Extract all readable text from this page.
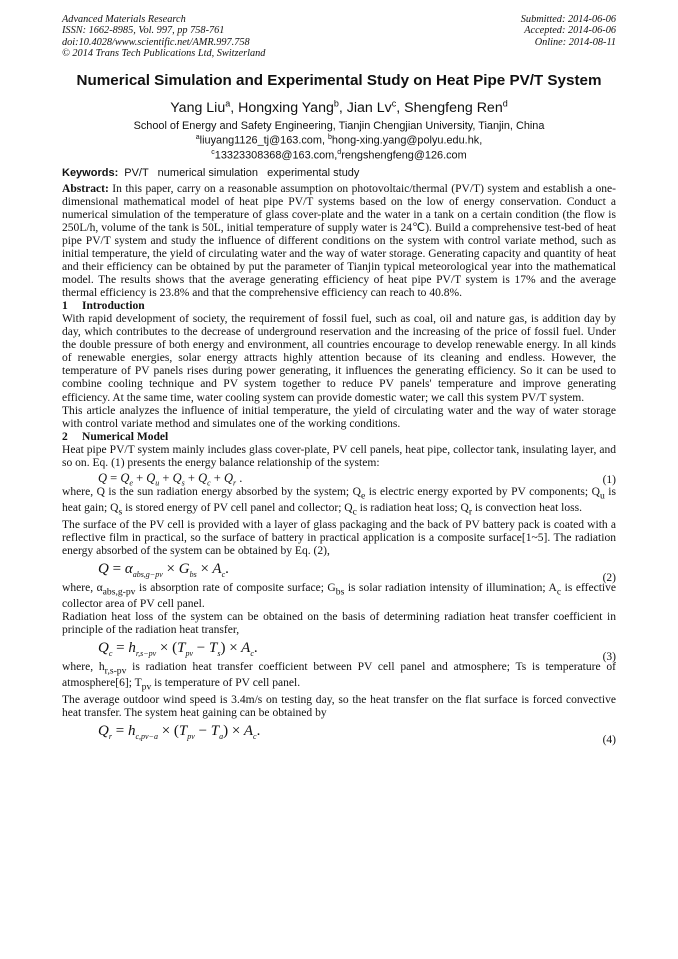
Advanced Materials Research
ISSN: 1662-8985, Vol. 997, pp 758-761
doi:10.4028/www.scientific.net/AMR.997.758
© 2014 Trans Tech Publications Ltd, Switzerland
Submitted: 2014-06-06
Accepted: 2014-06-06
Online: 2014-08-11
Numerical Simulation and Experimental Study on Heat Pipe PV/T System
Yang Liu$^a$, Hongxing Yang$^b$, Jian Lv$^c$, Shengfeng Ren$^d$
School of Energy and Safety Engineering, Tianjin Chengjian University, Tianjin, China
$^a$liuyang1126_tj@163.com, $^b$hong-xing.yang@polyu.edu.hk,
$^c$13323308368@163.com,$^d$rengshengfeng@126.com
Keywords: PV/T   numerical simulation   experimental study

Abstract: In this paper, carry on a reasonable assumption on photovoltaic/thermal (PV/T) system and establish a one-dimensional mathematical model of heat pipe PV/T systems based on the low of energy conservation. Conduct a numerical simulation of the temperature of glass cover-plate and the water in a tank on a certain condition (the flow is 250L/h, volume of the tank is 50L, initial temperature of supply water is 24℃). Build a comprehensive test-bed of heat pipe PV/T system and study the influence of different conditions on the system with control variate method, such as initial temperature, the yield of circulating water and the way of water storage. Generating capacity and quantity of heat and their efficiency can be obtained by put the parameter of Tianjin typical meteorological year into the mathematical model. The results shows that the average generating efficiency of heat pipe PV/T system is 17% and the average thermal efficiency is 23.8% and that the comprehensive efficiency can reach to 40.8%.

1 Introduction

With rapid development of society, the requirement of fossil fuel, such as coal, oil and nature gas, is addition day by day, which contributes to the decrease of underground reservation and the increasing of the price of fossil fuel. Under the double pressure of both energy and environment, all countries encourage to develop renewable energy. In all kinds of renewable energies, solar energy attracts highly attention because of its cleaning and endless. However, the temperature of PV panels rises during power generating, it influences the generating efficiency. So it can be used to combine cooling technique and PV system together to reduce PV panels' temperature and improve generating efficiency. At the same time, water cooling system can provide domestic water; we call this system PV/T system.

This article analyzes the influence of initial temperature, the yield of circulating water and the way of water storage with control variate method and simulates one of the working conditions.

2 Numerical Model

Heat pipe PV/T system mainly includes glass cover-plate, PV cell panels, heat pipe, collector tank, insulating layer, and so on. Eq. (1) presents the energy balance relationship of the system:

$Q = Q_e + Q_u + Q_s + Q_c + Q_r$ .	(1)

where, Q is the sun radiation energy absorbed by the system; $Q_e$ is electric energy exported by PV components; $Q_u$ is heat gain; $Q_s$ is stored energy of PV cell panel and collector; $Q_c$ is radiation heat loss; $Q_r$ is convection heat loss.

The surface of the PV cell is provided with a layer of glass packaging and the back of PV battery pack is coated with a reflective film in practical, so the surface of battery in practical application is a composite surface[1~5]. The radiation energy absorbed of the system can be obtained by Eq. (2),

$Q = \alpha_{abs,g-pv} \times G_{bs} \times A_c$.
(2)

where, $\alpha_{abs,g-pv}$ is absorption rate of composite surface; $G_{bs}$ is solar radiation intensity of illumination; $A_c$ is effective collector area of PV cell panel.

Radiation heat loss of the system can be obtained on the basis of determining radiation heat transfer coefficient in principle of the radiation heat transfer,

$Q_c = h_{r,s-pv} \times (T_{pv} - T_s) \times A_c$.
(3)

where, $h_{r,s-pv}$ is radiation heat transfer coefficient between PV cell panel and atmosphere; Ts is temperature of atmosphere[6]; $T_{pv}$ is temperature of PV cell panel.

The average outdoor wind speed is 3.4m/s on testing day, so the heat transfer on the flat surface is forced convective heat transfer. The system heat gaining can be obtained by

$Q_r = h_{c,pv-a} \times (T_{pv} - T_a) \times A_c$.
(4)
